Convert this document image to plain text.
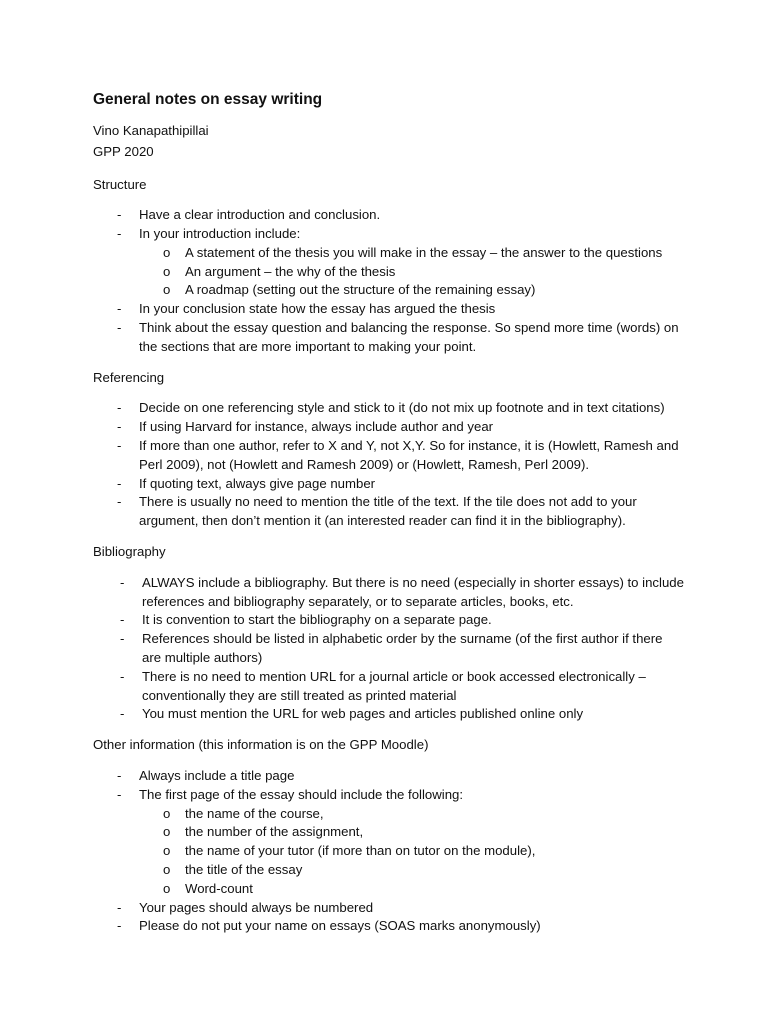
General notes on essay writing
Vino Kanapathipillai
GPP 2020
Structure
- Have a clear introduction and conclusion.
- In your introduction include:
o A statement of the thesis you will make in the essay – the answer to the questions
o An argument – the why of the thesis
o A roadmap (setting out the structure of the remaining essay)
- In your conclusion state how the essay has argued the thesis
- Think about the essay question and balancing the response. So spend more time (words) on
the sections that are more important to making your point.
Referencing
- Decide on one referencing style and stick to it (do not mix up footnote and in text citations)
- If using Harvard for instance, always include author and year
- If more than one author, refer to X and Y, not X,Y. So for instance, it is (Howlett, Ramesh and
Perl 2009), not (Howlett and Ramesh 2009) or (Howlett, Ramesh, Perl 2009).
- If quoting text, always give page number
- There is usually no need to mention the title of the text. If the tile does not add to your
argument, then don’t mention it (an interested reader can find it in the bibliography).
Bibliography
- ALWAYS include a bibliography. But there is no need (especially in shorter essays) to include
references and bibliography separately, or to separate articles, books, etc.
- It is convention to start the bibliography on a separate page.
- References should be listed in alphabetic order by the surname (of the first author if there
are multiple authors)
- There is no need to mention URL for a journal article or book accessed electronically –
conventionally they are still treated as printed material
- You must mention the URL for web pages and articles published online only
Other information (this information is on the GPP Moodle)
- Always include a title page
- The first page of the essay should include the following:
o the name of the course,
o the number of the assignment,
o the name of your tutor (if more than on tutor on the module),
o the title of the essay
o Word-count
- Your pages should always be numbered
- Please do not put your name on essays (SOAS marks anonymously)
